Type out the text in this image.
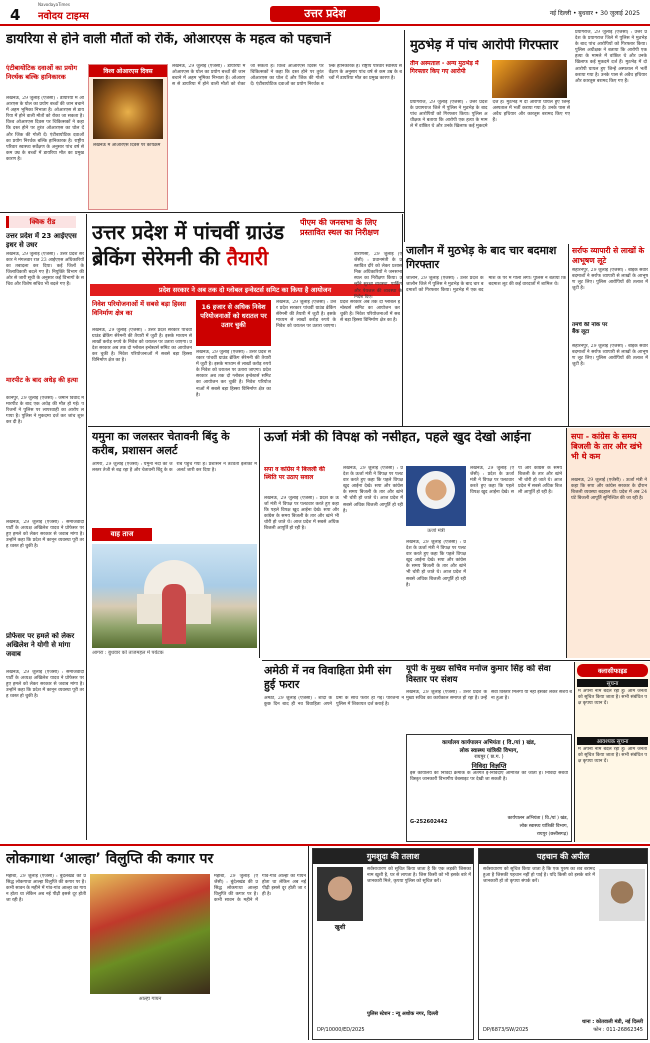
4
NavodayaTimes
नवोदय टाइम्स	उत्तर प्रदेश	नई दिल्ली • बुधवार • 30 जुलाई 2025
डायरिया से होने वाली मौतों को रोकें, ओआरएस के महत्व को पहचानें
एंटीबायोटिक दवाओं का प्रयोग निरर्थक बल्कि हानिकारक
लखनऊ, 29 जुलाई (एजेंसी) : डायरिया में ओआरएस के घोल का प्रयोग बच्चों की जान बचाने में अहम भूमिका निभाता है। ओआरएस से डायरिया में होने वाली मौतों को रोका जा सकता है। विश्व ओआरएस दिवस पर चिकित्सकों ने कहा कि दस्त होने पर तुरंत ओआरएस का घोल दें और जिंक की गोली दें। एंटीबायोटिक दवाओं का प्रयोग निरर्थक बल्कि हानिकारक है। राष्ट्रीय परिवार स्वास्थ्य सर्वेक्षण के अनुसार पांच वर्ष से कम उम्र के बच्चों में डायरिया मौत का प्रमुख कारण है।
विश्व ओआरएस दिवस
लखनऊ में ओआरएस दिवस पर कार्यक्रम
लखनऊ, 29 जुलाई (एजेंसी) : डायरिया में ओआरएस के घोल का प्रयोग बच्चों की जान बचाने में अहम भूमिका निभाता है। ओआरएस से डायरिया में होने वाली मौतों को रोका जा सकता है। विश्व ओआरएस दिवस पर चिकित्सकों ने कहा कि दस्त होने पर तुरंत ओआरएस का घोल दें और जिंक की गोली दें। एंटीबायोटिक दवाओं का प्रयोग निरर्थक बल्कि हानिकारक है। राष्ट्रीय परिवार स्वास्थ्य सर्वेक्षण के अनुसार पांच वर्ष से कम उम्र के बच्चों में डायरिया मौत का प्रमुख कारण है।
मुठभेड़ में पांच आरोपी गिरफ्तार
तीन अस्पताल - अन्य मुठभेड़ में गिरफ्तार किए गए आरोपी
प्रयागराज, 29 जुलाई (एजेंसी) : उत्तर प्रदेश के प्रयागराज जिले में पुलिस ने मुठभेड़ के बाद पांच आरोपियों को गिरफ्तार किया। पुलिस अधीक्षक ने बताया कि आरोपी एक हत्या के मामले में वांछित थे और उनके खिलाफ कई मुकदमे दर्ज हैं। मुठभेड़ में दो आरोपी घायल हुए जिन्हें अस्पताल में भर्ती कराया गया है। उनके पास से अवैध हथियार और कारतूस बरामद किए गए हैं।
प्रयागराज, 29 जुलाई (एजेंसी) : उत्तर प्रदेश के प्रयागराज जिले में पुलिस ने मुठभेड़ के बाद पांच आरोपियों को गिरफ्तार किया। पुलिस अधीक्षक ने बताया कि आरोपी एक हत्या के मामले में वांछित थे और उनके खिलाफ कई मुकदमे दर्ज हैं। मुठभेड़ में दो आरोपी घायल हुए जिन्हें अस्पताल में भर्ती कराया गया है। उनके पास से अवैध हथियार और कारतूस बरामद किए गए हैं।
क्विक रीड
उत्तर प्रदेश में 23 आईएएस इधर से उधर
लखनऊ, 29 जुलाई (एजेंसी) : उत्तर प्रदेश सरकार ने मंगलवार रात 23 आईएएस अधिकारियों का तबादला कर दिया। कई जिलों के जिलाधिकारी बदले गए हैं। नियुक्ति विभाग की ओर से जारी सूची के अनुसार कई विभागों के सचिव और विशेष सचिव भी बदले गए हैं।
मारपीट के बाद अधेड़ की हत्या
कानपुर, 29 जुलाई (एजेंसी) : जमीन विवाद में मारपीट के बाद एक अधेड़ की मौत हो गई। परिजनों ने पुलिस पर लापरवाही का आरोप लगाया है। पुलिस ने मुकदमा दर्ज कर जांच शुरू कर दी है।
लखनऊ, 29 जुलाई (एजेंसी) : समाजवादी पार्टी के अध्यक्ष अखिलेश यादव ने प्रोफेसर पर हुए हमले को लेकर सरकार से जवाब मांगा है। उन्होंने कहा कि प्रदेश में कानून व्यवस्था पूरी तरह ध्वस्त हो चुकी है।
प्रोफेसर पर हमले को लेकर अखिलेश ने योगी से मांगा जवाब
लखनऊ, 29 जुलाई (एजेंसी) : समाजवादी पार्टी के अध्यक्ष अखिलेश यादव ने प्रोफेसर पर हुए हमले को लेकर सरकार से जवाब मांगा है। उन्होंने कहा कि प्रदेश में कानून व्यवस्था पूरी तरह ध्वस्त हो चुकी है।
उत्तर प्रदेश में पांचवीं ग्राउंड
ब्रेकिंग सेरेमनी की तैयारी
प्रदेश सरकार ने अब तक दो ग्लोबल इन्वेस्टर्स समिट का किया है आयोजन
निवेश परियोजनाओं में सबसे बड़ा हिस्सा विनिर्माण क्षेत्र का
लखनऊ, 29 जुलाई (एजेंसी) : उत्तर प्रदेश सरकार पांचवीं ग्राउंड ब्रेकिंग सेरेमनी की तैयारी में जुटी है। इसके माध्यम से लाखों करोड़ रुपये के निवेश को धरातल पर उतारा जाएगा। प्रदेश सरकार अब तक दो ग्लोबल इन्वेस्टर्स समिट का आयोजन कर चुकी है। निवेश परियोजनाओं में सबसे बड़ा हिस्सा विनिर्माण क्षेत्र का है।
16 हजार से अधिक निवेश परियोजनाओं को धरातल पर उतार चुकी
लखनऊ, 29 जुलाई (एजेंसी) : उत्तर प्रदेश सरकार पांचवीं ग्राउंड ब्रेकिंग सेरेमनी की तैयारी में जुटी है। इसके माध्यम से लाखों करोड़ रुपये के निवेश को धरातल पर उतारा जाएगा। प्रदेश सरकार अब तक दो ग्लोबल इन्वेस्टर्स समिट का आयोजन कर चुकी है। निवेश परियोजनाओं में सबसे बड़ा हिस्सा विनिर्माण क्षेत्र का है।
लखनऊ, 29 जुलाई (एजेंसी) : उत्तर प्रदेश सरकार पांचवीं ग्राउंड ब्रेकिंग सेरेमनी की तैयारी में जुटी है। इसके माध्यम से लाखों करोड़ रुपये के निवेश को धरातल पर उतारा जाएगा। प्रदेश सरकार अब तक दो ग्लोबल इन्वेस्टर्स समिट का आयोजन कर चुकी है। निवेश परियोजनाओं में सबसे बड़ा हिस्सा विनिर्माण क्षेत्र का है।
पीएम की जनसभा के लिए प्रस्तावित स्थल का निरीक्षण
जालौन में मुठभेड़ के बाद चार बदमाश गिरफ्तार
जालौन, 29 जुलाई (एजेंसी) : उत्तर प्रदेश के जालौन जिले में पुलिस ने मुठभेड़ के बाद चार बदमाशों को गिरफ्तार किया। मुठभेड़ में एक बदमाश के पैर में गोली लगी। पुलिस ने बताया कि बदमाश लूट की कई वारदातों में शामिल थे।
वाराणसी, 29 जुलाई (एजेंसी) : प्रधानमंत्री के प्रस्तावित दौरे को लेकर प्रशासनिक अधिकारियों ने जनसभा स्थल का निरीक्षण किया। उन्होंने सुरक्षा व्यवस्था, पार्किंग और पेयजल की व्यवस्था के निर्देश दिए।
सर्राफ व्यापारी से लाखों के आभूषण लूटे
सहारनपुर, 29 जुलाई (एजेंसी) : बाइक सवार बदमाशों ने सर्राफ व्यापारी से लाखों के आभूषण लूट लिए। पुलिस आरोपियों की तलाश में जुटी है।
तमंचे की नोक पर बैंक लूटा
सहारनपुर, 29 जुलाई (एजेंसी) : बाइक सवार बदमाशों ने सर्राफ व्यापारी से लाखों के आभूषण लूट लिए। पुलिस आरोपियों की तलाश में जुटी है।
यमुना का जलस्तर चेतावनी बिंदु के करीब, प्रशासन अलर्ट
आगरा, 29 जुलाई (एजेंसी) : यमुना नदी का जलस्तर तेजी से बढ़ रहा है और चेतावनी बिंदु के करीब पहुंच गया है। प्रशासन ने तटवर्ती इलाकों में अलर्ट जारी कर दिया है।
वाह ताज
आगरा : बुधवार को ताजमहल में पर्यटक
ऊर्जा मंत्री की विपक्ष को नसीहत, पहले खुद देखो आईना
सपा व कांग्रेस ने बिजली की स्थिति पर उठाए सवाल
लखनऊ, 29 जुलाई (एजेंसी) : प्रदेश के ऊर्जा मंत्री ने विपक्ष पर पलटवार करते हुए कहा कि पहले विपक्ष खुद आईना देखे। सपा और कांग्रेस के समय बिजली के तार और खंभे भी चोरी हो जाते थे। आज प्रदेश में सबसे अधिक बिजली आपूर्ति हो रही है।
लखनऊ, 29 जुलाई (एजेंसी) : प्रदेश के ऊर्जा मंत्री ने विपक्ष पर पलटवार करते हुए कहा कि पहले विपक्ष खुद आईना देखे। सपा और कांग्रेस के समय बिजली के तार और खंभे भी चोरी हो जाते थे। आज प्रदेश में सबसे अधिक बिजली आपूर्ति हो रही है।
ऊर्जा मंत्री
लखनऊ, 29 जुलाई (एजेंसी) : प्रदेश के ऊर्जा मंत्री ने विपक्ष पर पलटवार करते हुए कहा कि पहले विपक्ष खुद आईना देखे। सपा और कांग्रेस के समय बिजली के तार और खंभे भी चोरी हो जाते थे। आज प्रदेश में सबसे अधिक बिजली आपूर्ति हो रही है।
लखनऊ, 29 जुलाई (एजेंसी) : प्रदेश के ऊर्जा मंत्री ने विपक्ष पर पलटवार करते हुए कहा कि पहले विपक्ष खुद आईना देखे। सपा और कांग्रेस के समय बिजली के तार और खंभे भी चोरी हो जाते थे। आज प्रदेश में सबसे अधिक बिजली आपूर्ति हो रही है।
सपा - कांग्रेस के समय बिजली के तार और खंभे भी थे कम
लखनऊ, 29 जुलाई (एजेंसी) : ऊर्जा मंत्री ने कहा कि सपा और कांग्रेस सरकार के दौरान बिजली व्यवस्था बदहाल थी। प्रदेश में अब 24 घंटे बिजली आपूर्ति सुनिश्चित की जा रही है।
अमेठी में नव विवाहिता प्रेमी संग हुई फरार
अमेठी, 29 जुलाई (एजेंसी) : शादी के कुछ दिन बाद ही नव विवाहिता अपने प्रेमी के साथ फरार हो गई। परिजनों ने पुलिस में शिकायत दर्ज कराई है।
यूपी के मुख्य सचिव मनोज कुमार सिंह को सेवा विस्तार पर संशय
लखनऊ, 29 जुलाई (एजेंसी) : उत्तर प्रदेश के मुख्य सचिव का कार्यकाल समाप्त हो रहा है। उन्हें सेवा विस्तार मिलेगा या नहीं इसको लेकर संशय बना हुआ है।
कार्यालय कार्यपालन अभियंता ( वि./यां ) खंड,
लोक स्वास्थ्य यांत्रिकी विभाग,
रायपुर ( छ.ग. )
निविदा विज्ञप्ति
इस कार्यालय की निविदा क्रमांक के अंतर्गत ई-निविदाएं आमंत्रित की जाती हैं। निविदा संबंधी विस्तृत जानकारी विभागीय वेबसाइट पर देखी जा सकती है।
G-252602442
कार्यपालन अभियंता ( वि./यां ) खंड,
लोक स्वास्थ्य यांत्रिकी विभाग,
रायपुर (छत्तीसगढ़)
क्लासीफाइड
सूचना
मैं अपना नाम बदल रहा हूं। आम जनता को सूचित किया जाता है। सभी संबंधित पक्ष कृपया ध्यान दें।
आवश्यक सूचना
मैं अपना नाम बदल रहा हूं। आम जनता को सूचित किया जाता है। सभी संबंधित पक्ष कृपया ध्यान दें।
लोकगाथा ‘आल्हा’ विलुप्ति की कगार पर
महोबा, 29 जुलाई (एजेंसी) : बुंदेलखंड की प्रसिद्ध लोकगाथा आल्हा विलुप्ति की कगार पर है। कभी सावन के महीने में गांव-गांव आल्हा का गायन होता था लेकिन अब नई पीढ़ी इससे दूर होती जा रही है।
आल्हा गायन
महोबा, 29 जुलाई (एजेंसी) : बुंदेलखंड की प्रसिद्ध लोकगाथा आल्हा विलुप्ति की कगार पर है। कभी सावन के महीने में गांव-गांव आल्हा का गायन होता था लेकिन अब नई पीढ़ी इससे दूर होती जा रही है।
गुमशुदा की तलाश
खुशी
सर्वसाधारण को सूचित किया जाता है कि एक लड़की जिसका नाम खुशी है, घर से लापता है। जिस किसी को भी इसके बारे में जानकारी मिले, कृपया पुलिस को सूचित करें।
पुलिस स्टेशन : न्यू अशोक नगर, दिल्ली
DP/10000/ED/2025
पहचान की अपील
सर्वसाधारण को सूचित किया जाता है कि एक पुरुष का शव बरामद हुआ है जिसकी पहचान नहीं हो पाई है। यदि किसी को इसके बारे में जानकारी हो तो कृपया संपर्क करें।
थाना : कोतवाली मंडी, नई दिल्ली
फोन : 011-26862345
DP/6873/SW/2025
